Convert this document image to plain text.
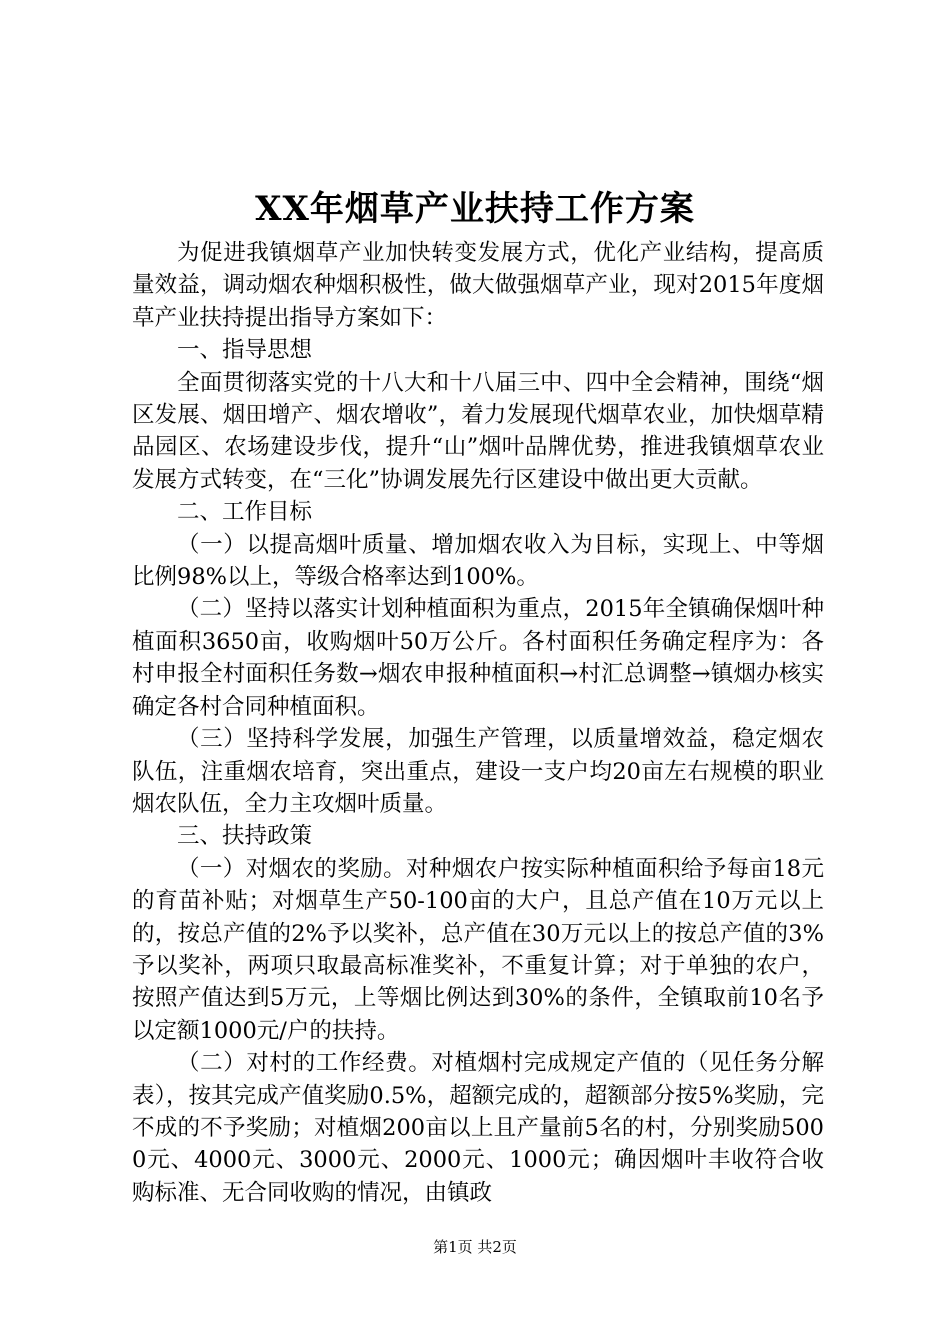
XX年烟草产业扶持工作方案

为促进我镇烟草产业加快转变发展方式，优化产业结构，提高质量效益，调动烟农种烟积极性，做大做强烟草产业，现对2015年度烟草产业扶持提出指导方案如下：

一、指导思想

全面贯彻落实党的十八大和十八届三中、四中全会精神，围绕“烟区发展、烟田增产、烟农增收”，着力发展现代烟草农业，加快烟草精品园区、农场建设步伐，提升“山”烟叶品牌优势，推进我镇烟草农业发展方式转变，在“三化”协调发展先行区建设中做出更大贡献。

二、工作目标

（一）以提高烟叶质量、增加烟农收入为目标，实现上、中等烟比例98%以上，等级合格率达到100%。

（二）坚持以落实计划种植面积为重点，2015年全镇确保烟叶种植面积3650亩，收购烟叶50万公斤。各村面积任务确定程序为：各村申报全村面积任务数→烟农申报种植面积→村汇总调整→镇烟办核实确定各村合同种植面积。

（三）坚持科学发展，加强生产管理，以质量增效益，稳定烟农队伍，注重烟农培育，突出重点，建设一支户均20亩左右规模的职业烟农队伍，全力主攻烟叶质量。

三、扶持政策

（一）对烟农的奖励。对种烟农户按实际种植面积给予每亩18元的育苗补贴；对烟草生产50-100亩的大户，且总产值在10万元以上的，按总产值的2%予以奖补，总产值在30万元以上的按总产值的3%予以奖补，两项只取最高标准奖补，不重复计算；对于单独的农户，按照产值达到5万元，上等烟比例达到30%的条件，全镇取前10名予以定额1000元/户的扶持。

（二）对村的工作经费。对植烟村完成规定产值的（见任务分解表），按其完成产值奖励0.5%，超额完成的，超额部分按5%奖励，完不成的不予奖励；对植烟200亩以上且产量前5名的村，分别奖励5000元、4000元、3000元、2000元、1000元；确因烟叶丰收符合收购标准、无合同收购的情况，由镇政

第1页 共2页
